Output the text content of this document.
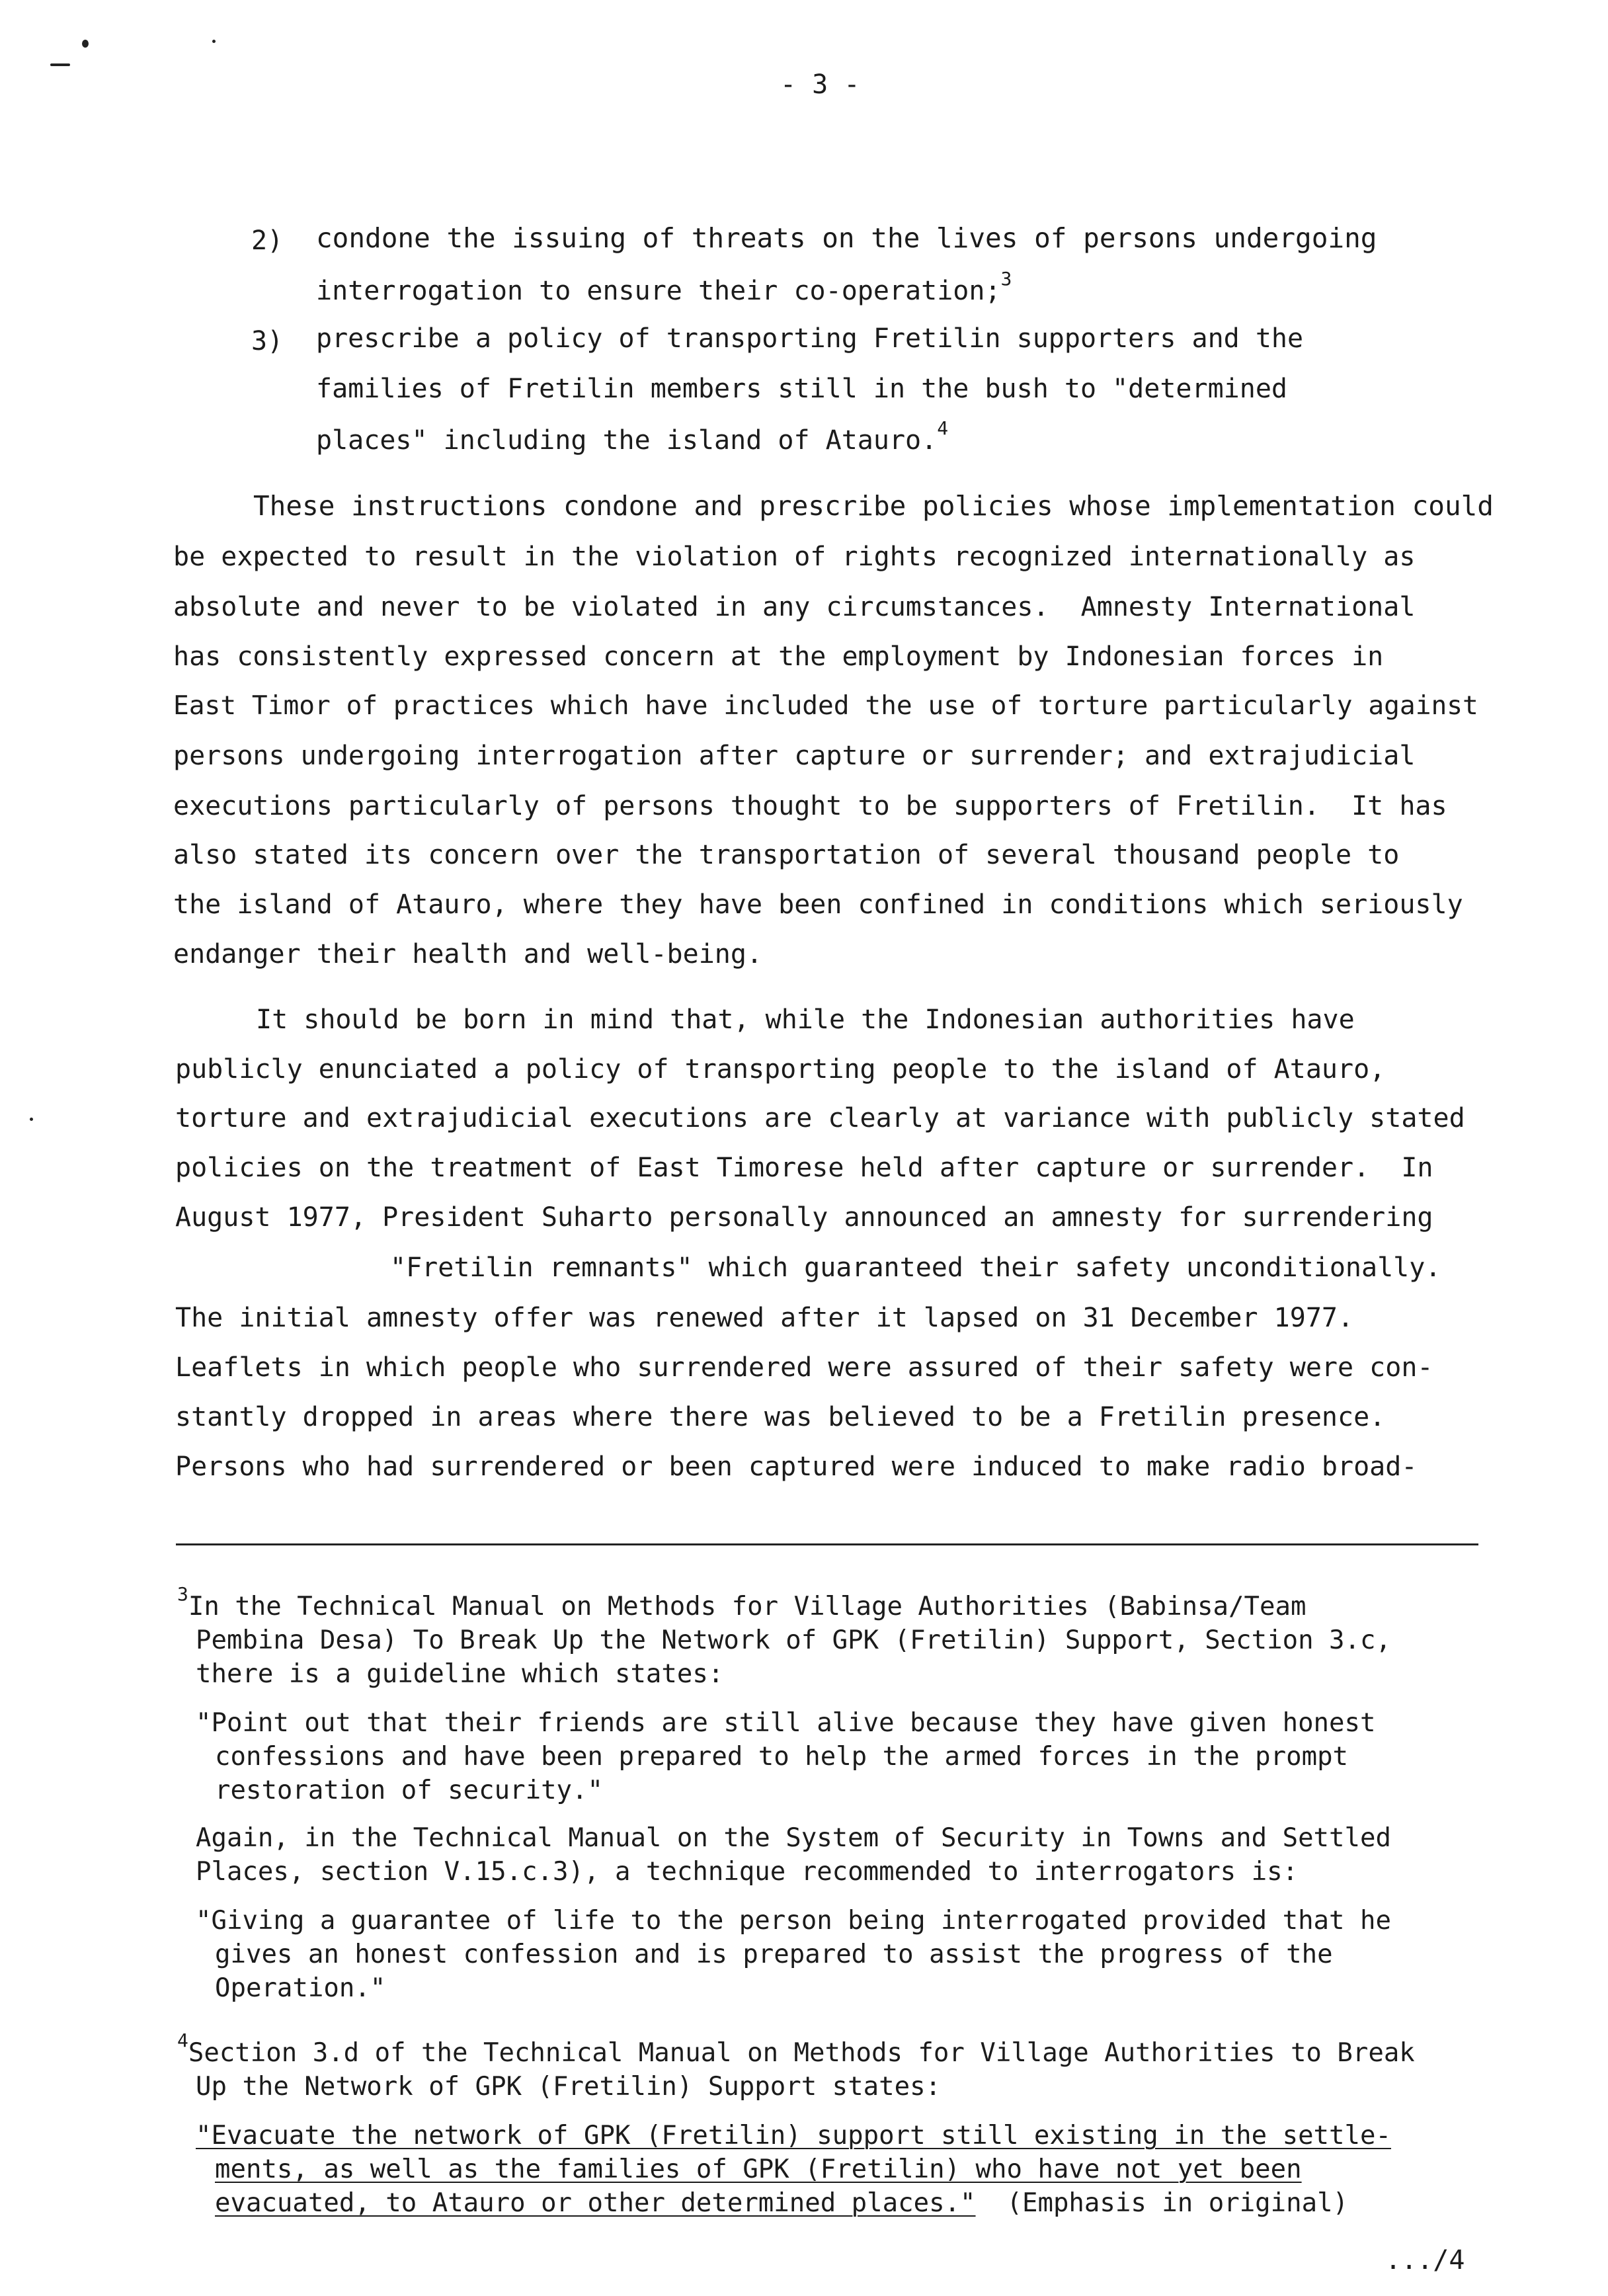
- 3 -
2) condone the issuing of threats on the lives of persons undergoing
interrogation to ensure their co-operation;$^3$
3) prescribe a policy of transporting Fretilin supporters and the
families of Fretilin members still in the bush to "determined
places" including the island of Atauro.$^4$
These instructions condone and prescribe policies whose implementation could
be expected to result in the violation of rights recognized internationally as
absolute and never to be violated in any circumstances.  Amnesty International
has consistently expressed concern at the employment by Indonesian forces in
East Timor of practices which have included the use of torture particularly against
persons undergoing interrogation after capture or surrender; and extrajudicial
executions particularly of persons thought to be supporters of Fretilin.  It has
also stated its concern over the transportation of several thousand people to
the island of Atauro, where they have been confined in conditions which seriously
endanger their health and well-being.
It should be born in mind that, while the Indonesian authorities have
publicly enunciated a policy of transporting people to the island of Atauro,
torture and extrajudicial executions are clearly at variance with publicly stated
policies on the treatment of East Timorese held after capture or surrender.  In
August 1977, President Suharto personally announced an amnesty for surrendering
"Fretilin remnants" which guaranteed their safety unconditionally.
The initial amnesty offer was renewed after it lapsed on 31 December 1977.
Leaflets in which people who surrendered were assured of their safety were con-
stantly dropped in areas where there was believed to be a Fretilin presence.
Persons who had surrendered or been captured were induced to make radio broad-
$^3$In the Technical Manual on Methods for Village Authorities (Babinsa/Team
Pembina Desa) To Break Up the Network of GPK (Fretilin) Support, Section 3.c,
there is a guideline which states:
"Point out that their friends are still alive because they have given honest
confessions and have been prepared to help the armed forces in the prompt
restoration of security."
Again, in the Technical Manual on the System of Security in Towns and Settled
Places, section V.15.c.3), a technique recommended to interrogators is:
"Giving a guarantee of life to the person being interrogated provided that he
gives an honest confession and is prepared to assist the progress of the
Operation."
$^4$Section 3.d of the Technical Manual on Methods for Village Authorities to Break
Up the Network of GPK (Fretilin) Support states:
"Evacuate the network of GPK (Fretilin) support still existing in the settle-
ments, as well as the families of GPK (Fretilin) who have not yet been
evacuated, to Atauro or other determined places." (Emphasis in original)
.../4
